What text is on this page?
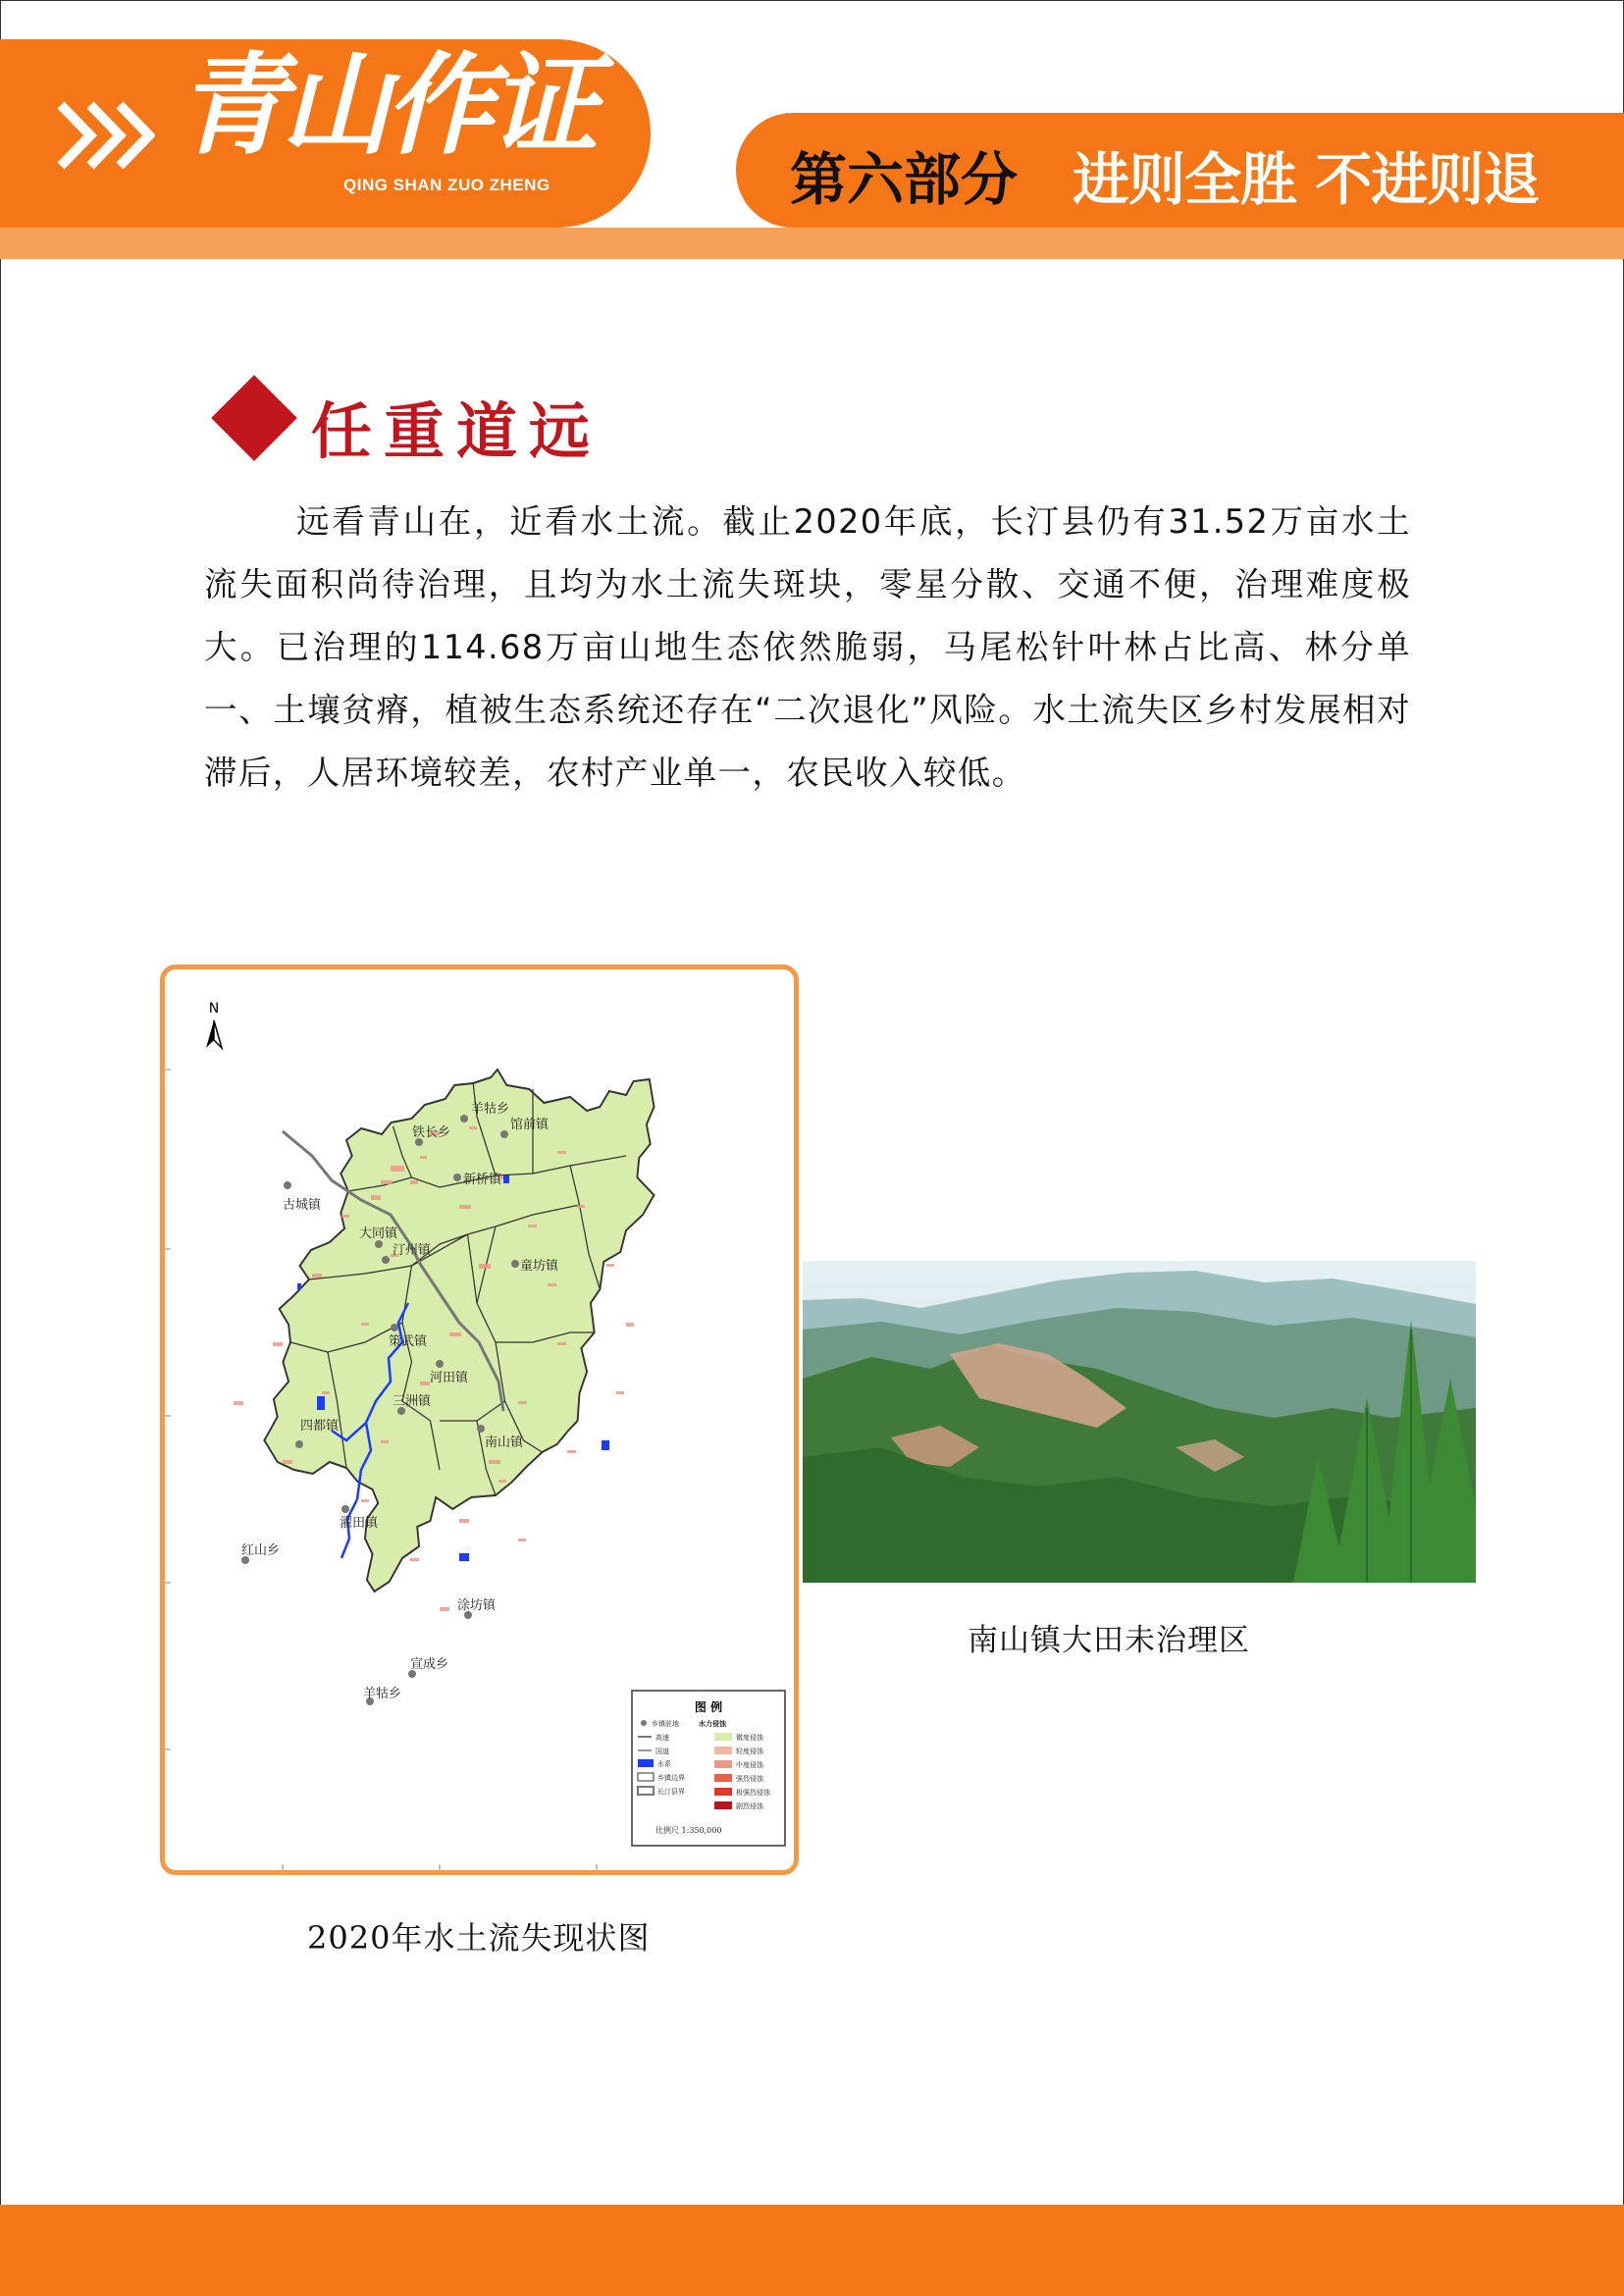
青山作证
QING SHAN ZUO ZHENG	第六部分 进则全胜 不进则退
任重道远

远看青山在，近看水土流。截止2020年底，长汀县仍有31.52万亩水土流失面积尚待治理，且均为水土流失斑块，零星分散、交通不便，治理难度极大。已治理的114.68万亩山地生态依然脆弱，马尾松针叶林占比高、林分单一、土壤贫瘠，植被生态系统还存在“二次退化”风险。水土流失区乡村发展相对滞后，人居环境较差，农村产业单一，农民收入较低。

N
羊牯乡
铁长乡
馆前镇
新桥镇
古城镇
大同镇
汀州镇
童坊镇
策武镇
河田镇
四都镇
三洲镇
南山镇
濯田镇
红山乡
涂坊镇
宣成乡
羊牯乡
图 例
乡镇驻地
高速
国道
水系
乡镇边界
长汀县界
水力侵蚀
微度侵蚀
轻度侵蚀
中度侵蚀
强烈侵蚀
极强烈侵蚀
剧烈侵蚀
比例尺 1:350,000
2020年水土流失现状图
南山镇大田未治理区
